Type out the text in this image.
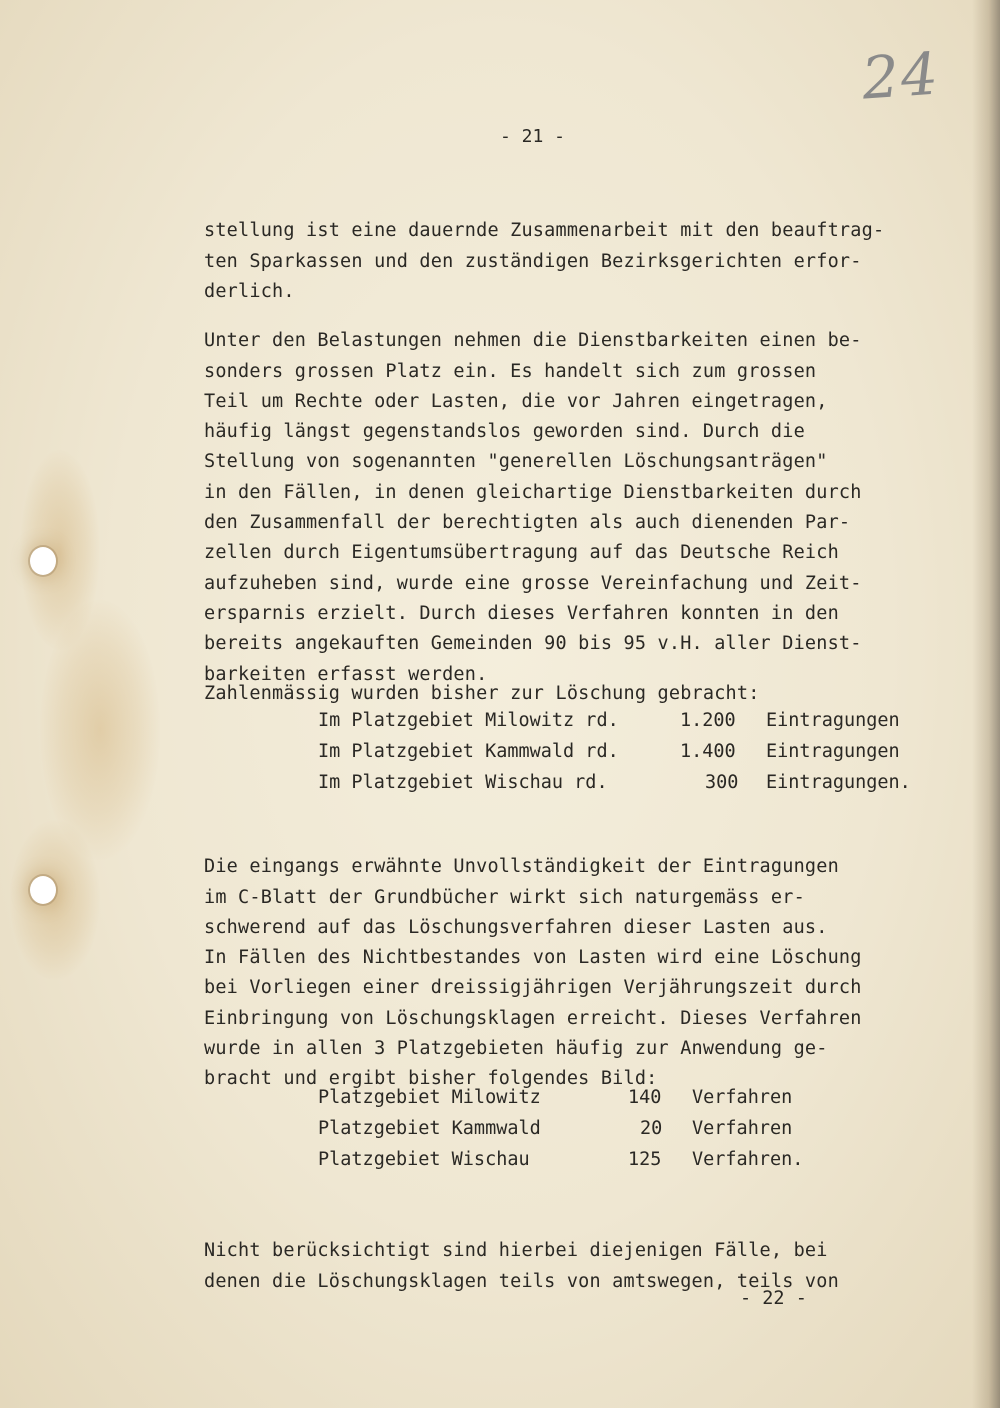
24
- 21 -

stellung ist eine dauernde Zusammenarbeit mit den beauftrag-
ten Sparkassen und den zuständigen Bezirksgerichten erfor-
derlich.

Unter den Belastungen nehmen die Dienstbarkeiten einen be-
sonders grossen Platz ein. Es handelt sich zum grossen
Teil um Rechte oder Lasten, die vor Jahren eingetragen,
häufig längst gegenstandslos geworden sind. Durch die
Stellung von sogenannten "generellen Löschungsanträgen"
in den Fällen, in denen gleichartige Dienstbarkeiten durch
den Zusammenfall der berechtigten als auch dienenden Par-
zellen durch Eigentumsübertragung auf das Deutsche Reich
aufzuheben sind, wurde eine grosse Vereinfachung und Zeit-
ersparnis erzielt. Durch dieses Verfahren konnten in den
bereits angekauften Gemeinden 90 bis 95 v.H. aller Dienst-
barkeiten erfasst werden.
Zahlenmässig wurden bisher zur Löschung gebracht:
Im Platzgebiet Milowitz rd.	1.200 Eintragungen
Im Platzgebiet Kammwald rd.	1.400 Eintragungen
Im Platzgebiet Wischau rd.	300 Eintragungen.

Die eingangs erwähnte Unvollständigkeit der Eintragungen
im C-Blatt der Grundbücher wirkt sich naturgemäss er-
schwerend auf das Löschungsverfahren dieser Lasten aus.
In Fällen des Nichtbestandes von Lasten wird eine Löschung
bei Vorliegen einer dreissigjährigen Verjährungszeit durch
Einbringung von Löschungsklagen erreicht. Dieses Verfahren
wurde in allen 3 Platzgebieten häufig zur Anwendung ge-
bracht und ergibt bisher folgendes Bild:
Platzgebiet Milowitz	140 Verfahren
Platzgebiet Kammwald	20 Verfahren
Platzgebiet Wischau	125 Verfahren.

Nicht berücksichtigt sind hierbei diejenigen Fälle, bei
denen die Löschungsklagen teils von amtswegen, teils von
- 22 -
